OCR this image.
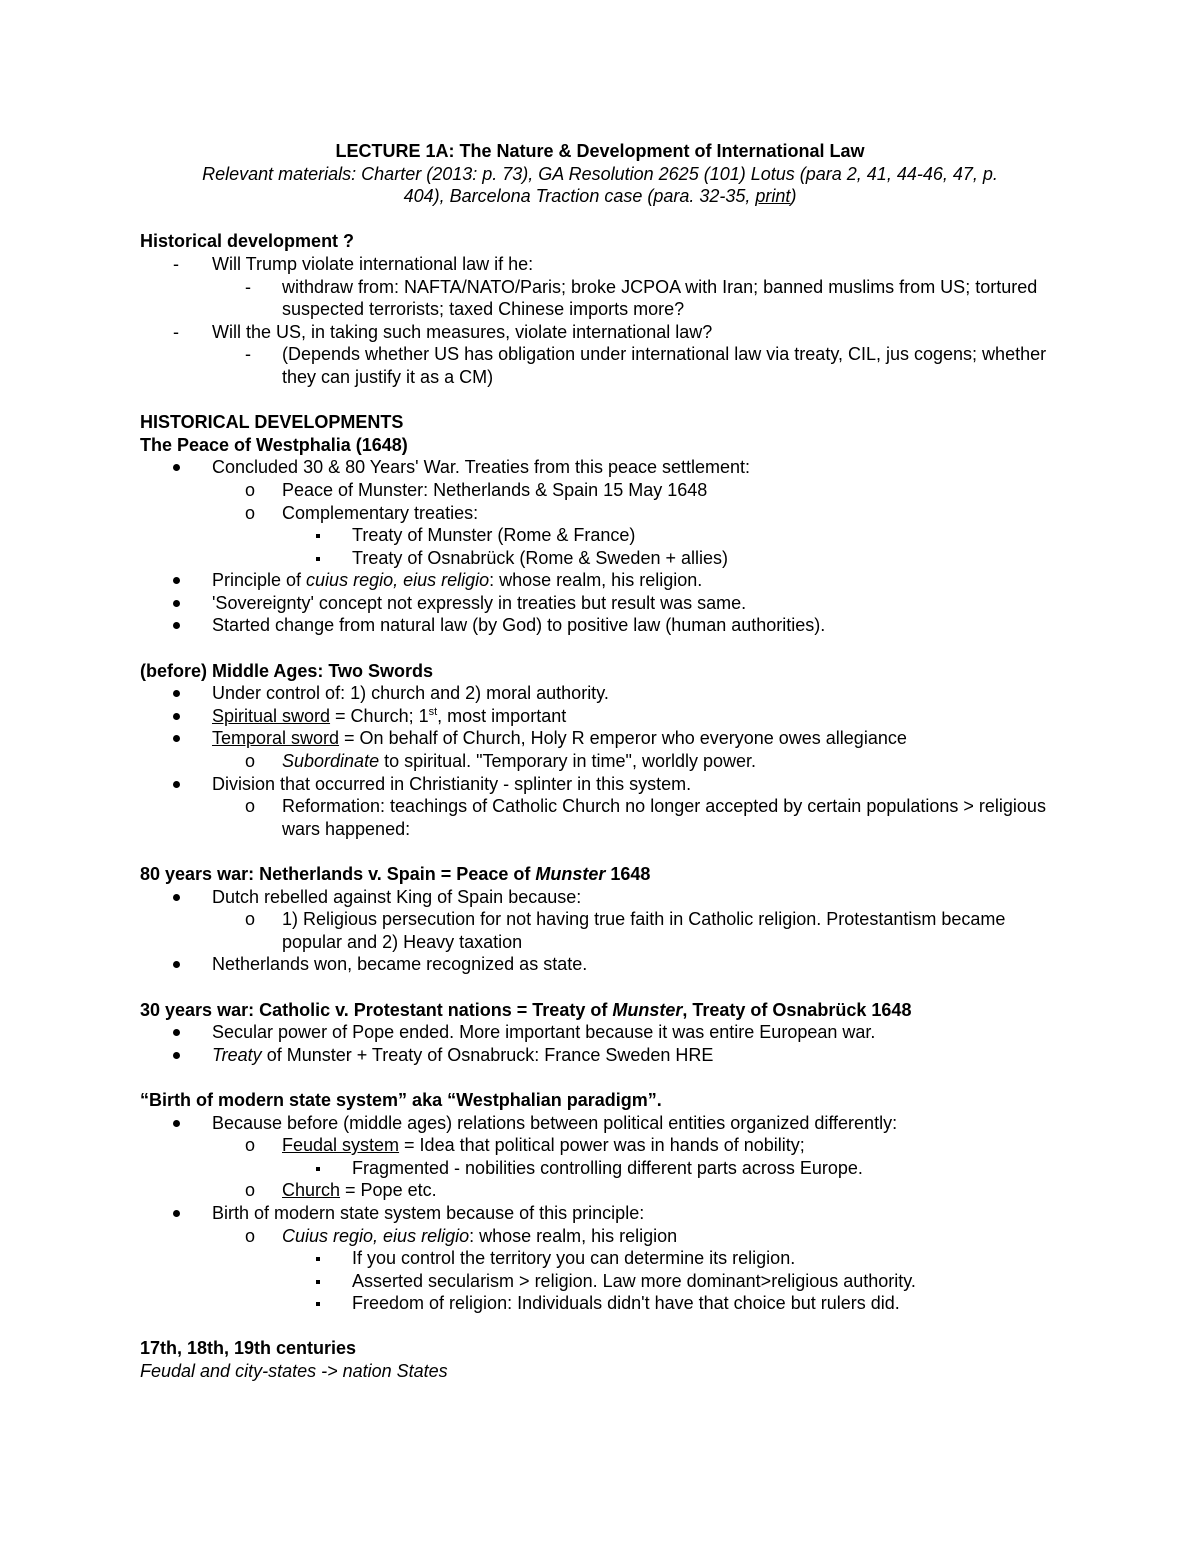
LECTURE 1A: The Nature & Development of International Law
Relevant materials: Charter (2013: p. 73), GA Resolution 2625 (101) Lotus (para 2, 41, 44-46, 47, p.
404), Barcelona Traction case (para. 32-35, print)
Historical development ?
- Will Trump violate international law if he:
- withdraw from: NAFTA/NATO/Paris; broke JCPOA with Iran; banned muslims from US; tortured suspected terrorists; taxed Chinese imports more?
- Will the US, in taking such measures, violate international law?
- (Depends whether US has obligation under international law via treaty, CIL, jus cogens; whether they can justify it as a CM)
HISTORICAL DEVELOPMENTS
The Peace of Westphalia (1648)
Concluded 30 & 80 Years' War. Treaties from this peace settlement:
o Peace of Munster: Netherlands & Spain 15 May 1648
o Complementary treaties:
Treaty of Munster (Rome & France)
Treaty of Osnabrück (Rome & Sweden + allies)
Principle of cuius regio, eius religio: whose realm, his religion.
'Sovereignty' concept not expressly in treaties but result was same.
Started change from natural law (by God) to positive law (human authorities).
(before) Middle Ages: Two Swords
Under control of: 1) church and 2) moral authority.
Spiritual sword = Church; 1st, most important
Temporal sword = On behalf of Church, Holy R emperor who everyone owes allegiance
o Subordinate to spiritual. "Temporary in time", worldly power.
Division that occurred in Christianity - splinter in this system.
o Reformation: teachings of Catholic Church no longer accepted by certain populations > religious wars happened:
80 years war: Netherlands v. Spain = Peace of Munster 1648
Dutch rebelled against King of Spain because:
o 1) Religious persecution for not having true faith in Catholic religion. Protestantism became popular and 2) Heavy taxation
Netherlands won, became recognized as state.
30 years war: Catholic v. Protestant nations = Treaty of Munster, Treaty of Osnabrück 1648
Secular power of Pope ended. More important because it was entire European war.
Treaty of Munster + Treaty of Osnabruck: France Sweden HRE
“Birth of modern state system” aka “Westphalian paradigm”.
Because before (middle ages) relations between political entities organized differently:
o Feudal system = Idea that political power was in hands of nobility;
Fragmented - nobilities controlling different parts across Europe.
o Church = Pope etc.
Birth of modern state system because of this principle:
o Cuius regio, eius religio: whose realm, his religion
If you control the territory you can determine its religion.
Asserted secularism > religion. Law more dominant>religious authority.
Freedom of religion: Individuals didn't have that choice but rulers did.
17th, 18th, 19th centuries
Feudal and city-states -> nation States
